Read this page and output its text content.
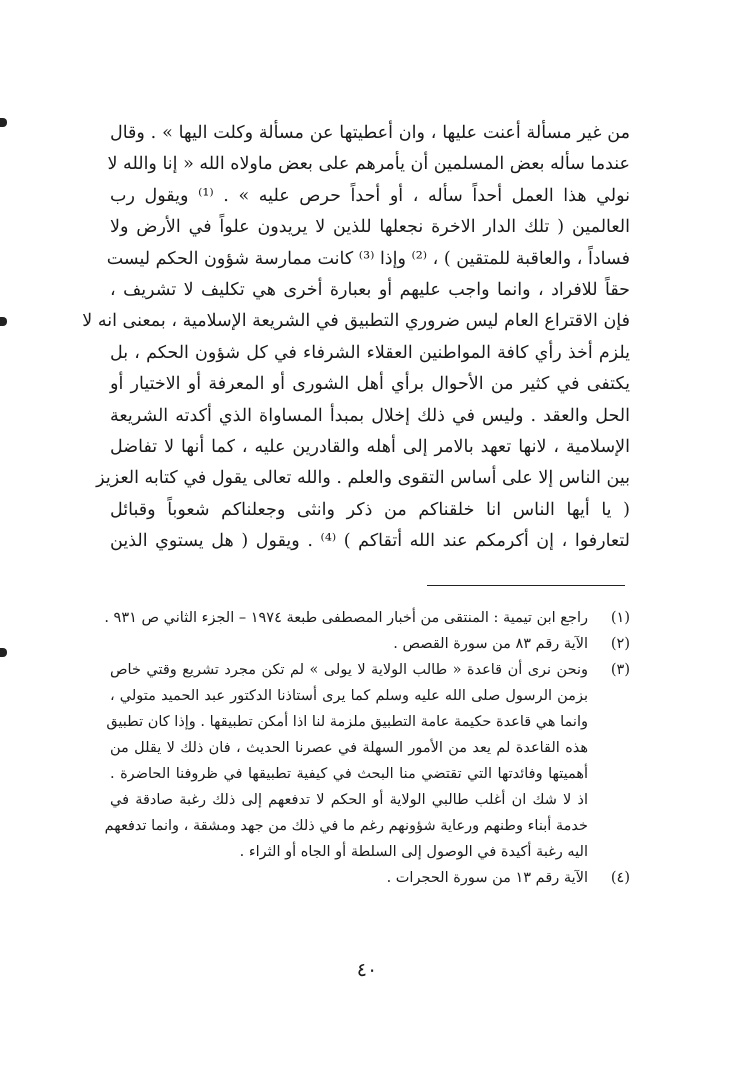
من غير مسألة أعنت عليها ، وان أعطيتها عن مسألة وكلت اليها » . وقال
عندما سأله بعض المسلمين أن يأمرهم على بعض ماولاه الله « إنا والله لا
نولي هذا العمل أحداً سأله ، أو أحداً حرص عليه » . ⁽¹⁾ ويقول رب
العالمين ( تلك الدار الاخرة نجعلها للذين لا يريدون علواً في الأرض ولا
فساداً ، والعاقبة للمتقين ) ، ⁽²⁾ وإذا ⁽³⁾ كانت ممارسة شؤون الحكم ليست
حقاً للافراد ، وانما واجب عليهم أو بعبارة أخرى هي تكليف لا تشريف ،
فإن الاقتراع العام ليس ضروري التطبيق في الشريعة الإسلامية ، بمعنى انه لا
يلزم أخذ رأي كافة المواطنين العقلاء الشرفاء في كل شؤون الحكم ، بل
يكتفى في كثير من الأحوال برأي أهل الشورى أو المعرفة أو الاختيار أو
الحل والعقد . وليس في ذلك إخلال بمبدأ المساواة الذي أكدته الشريعة
الإسلامية ، لانها تعهد بالامر إلى أهله والقادرين عليه ، كما أنها لا تفاضل
بين الناس إلا على أساس التقوى والعلم . والله تعالى يقول في كتابه العزيز
( يا أيها الناس انا خلقناكم من ذكر وانثى وجعلناكم شعوباً وقبائل
لتعارفوا ، إن أكرمكم عند الله أتقاكم ) ⁽⁴⁾ . ويقول ( هل يستوي الذين
(١)
راجع ابن تيمية : المنتقى من أخبار المصطفى طبعة ١٩٧٤ – الجزء الثاني ص ٩٣١ .
(٢)
الآية رقم ٨٣ من سورة القصص .
(٣)
ونحن نرى أن قاعدة « طالب الولاية لا يولى » لم تكن مجرد تشريع وقتي خاص
بزمن الرسول صلى الله عليه وسلم كما يرى أستاذنا الدكتور عبد الحميد متولي ،
وانما هي قاعدة حكيمة عامة التطبيق ملزمة لنا اذا أمكن تطبيقها . وإذا كان تطبيق
هذه القاعدة لم يعد من الأمور السهلة في عصرنا الحديث ، فان ذلك لا يقلل من
أهميتها وفائدتها التي تقتضي منا البحث في كيفية تطبيقها في ظروفنا الحاضرة .
اذ لا شك ان أغلب طالبي الولاية أو الحكم لا تدفعهم إلى ذلك رغبة صادقة في
خدمة أبناء وطنهم ورعاية شؤونهم رغم ما في ذلك من جهد ومشقة ، وانما تدفعهم
اليه رغبة أكيدة في الوصول إلى السلطة أو الجاه أو الثراء .
(٤)
الآية رقم ١٣ من سورة الحجرات .
٤٠
